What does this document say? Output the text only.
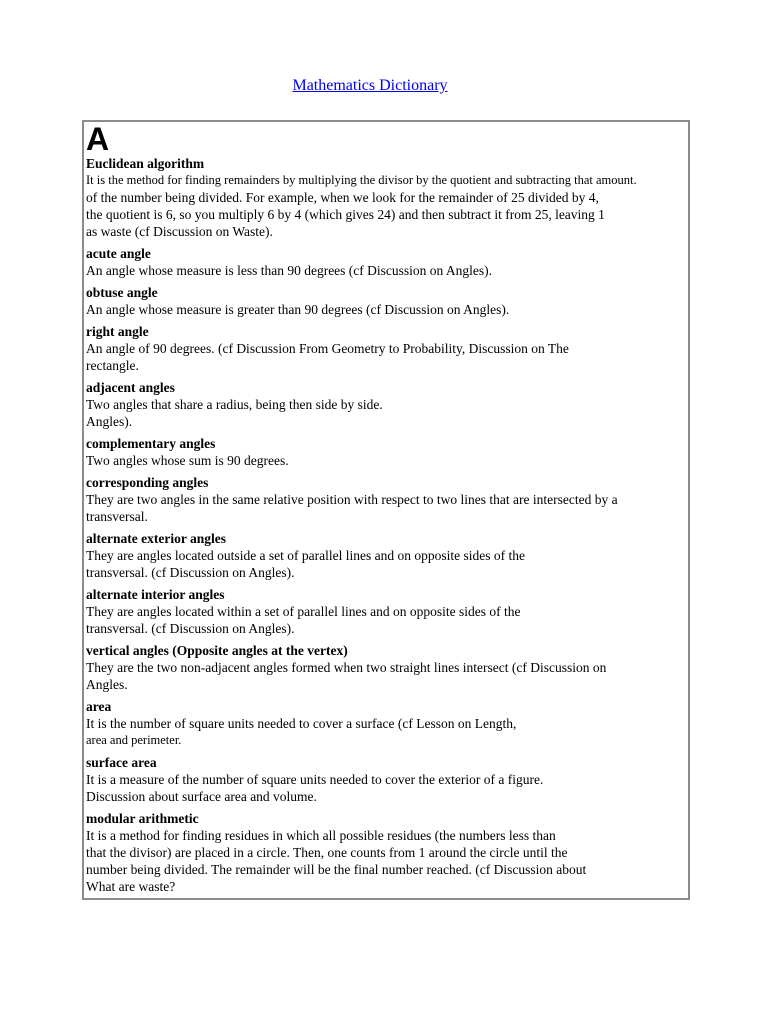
Mathematics Dictionary
A
Euclidean algorithm
It is the method for finding remainders by multiplying the divisor by the quotient and subtracting that amount.
of the number being divided. For example, when we look for the remainder of 25 divided by 4,
the quotient is 6, so you multiply 6 by 4 (which gives 24) and then subtract it from 25, leaving 1
as waste (cf Discussion on Waste).
acute angle
An angle whose measure is less than 90 degrees (cf Discussion on Angles).
obtuse angle
An angle whose measure is greater than 90 degrees (cf Discussion on Angles).
right angle
An angle of 90 degrees. (cf Discussion From Geometry to Probability, Discussion on The
rectangle.
adjacent angles
Two angles that share a radius, being then side by side.
Angles).
complementary angles
Two angles whose sum is 90 degrees.
corresponding angles
They are two angles in the same relative position with respect to two lines that are intersected by a
transversal.
alternate exterior angles
They are angles located outside a set of parallel lines and on opposite sides of the
transversal. (cf Discussion on Angles).
alternate interior angles
They are angles located within a set of parallel lines and on opposite sides of the
transversal. (cf Discussion on Angles).
vertical angles (Opposite angles at the vertex)
They are the two non-adjacent angles formed when two straight lines intersect (cf Discussion on
Angles.
area
It is the number of square units needed to cover a surface (cf Lesson on Length,
area and perimeter.
surface area
It is a measure of the number of square units needed to cover the exterior of a figure.
Discussion about surface area and volume.
modular arithmetic
It is a method for finding residues in which all possible residues (the numbers less than
that the divisor) are placed in a circle. Then, one counts from 1 around the circle until the
number being divided. The remainder will be the final number reached. (cf Discussion about
What are waste?
